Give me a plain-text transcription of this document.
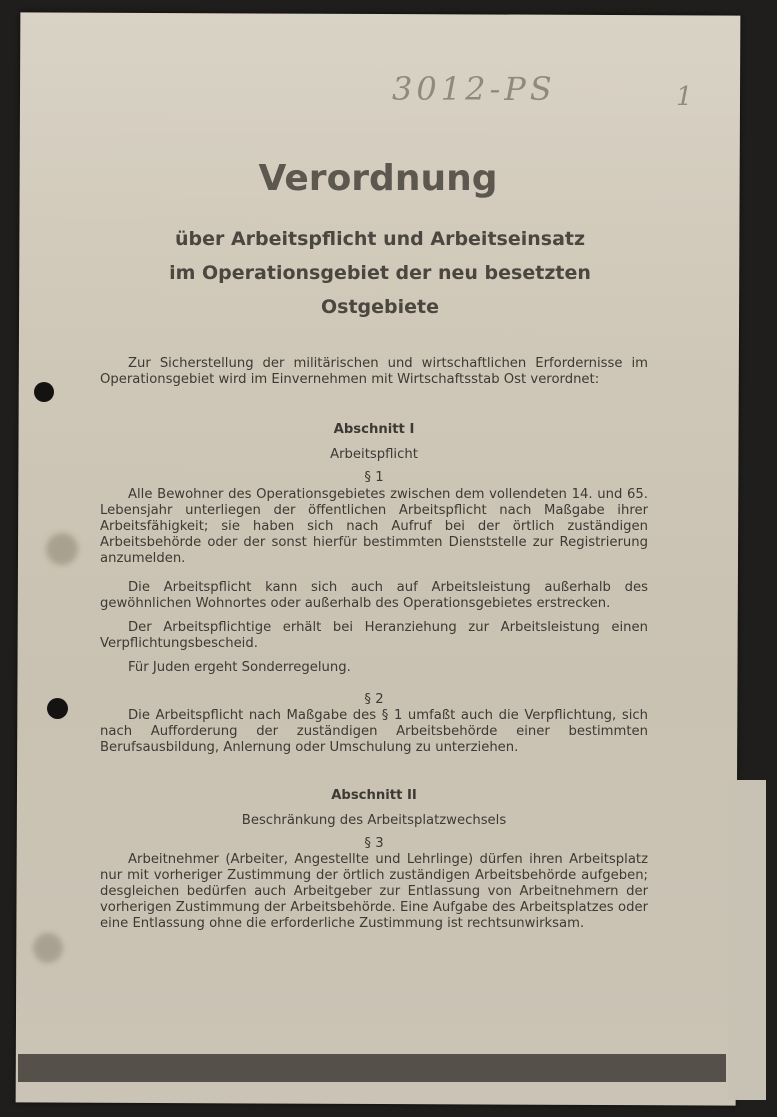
3012-PS	1
Verordnung
über Arbeitspflicht und Arbeitseinsatz
im Operationsgebiet der neu besetzten
Ostgebiete
Zur Sicherstellung der militärischen und wirtschaftlichen Erfordernisse im Operationsgebiet wird im Einvernehmen mit Wirtschaftsstab Ost verordnet:
Abschnitt I
Arbeitspflicht
§ 1
Alle Bewohner des Operationsgebietes zwischen dem vollendeten 14. und 65. Lebensjahr unterliegen der öffentlichen Arbeitspflicht nach Maßgabe ihrer Arbeitsfähigkeit; sie haben sich nach Aufruf bei der örtlich zuständigen Arbeitsbehörde oder der sonst hierfür bestimmten Dienststelle zur Registrierung anzumelden.
Die Arbeitspflicht kann sich auch auf Arbeitsleistung außerhalb des gewöhnlichen Wohnortes oder außerhalb des Operationsgebietes erstrecken.
Der Arbeitspflichtige erhält bei Heranziehung zur Arbeitsleistung einen Verpflichtungsbescheid.
Für Juden ergeht Sonderregelung.
§ 2
Die Arbeitspflicht nach Maßgabe des § 1 umfaßt auch die Verpflichtung, sich nach Aufforderung der zuständigen Arbeitsbehörde einer bestimmten Berufsausbildung, Anlernung oder Umschulung zu unterziehen.
Abschnitt II
Beschränkung des Arbeitsplatzwechsels
§ 3
Arbeitnehmer (Arbeiter, Angestellte und Lehrlinge) dürfen ihren Arbeitsplatz nur mit vorheriger Zustimmung der örtlich zuständigen Arbeitsbehörde aufgeben; desgleichen bedürfen auch Arbeitgeber zur Entlassung von Arbeitnehmern der vorherigen Zustimmung der Arbeitsbehörde. Eine Aufgabe des Arbeitsplatzes oder eine Entlassung ohne die erforderliche Zustimmung ist rechtsunwirksam.
